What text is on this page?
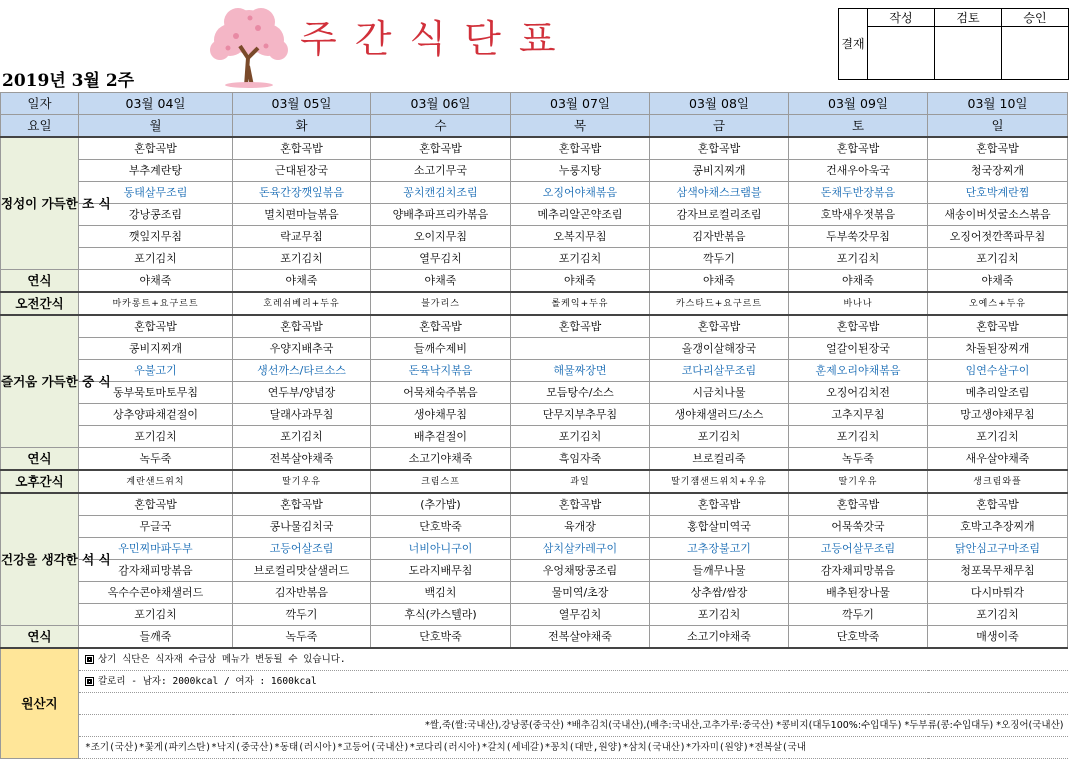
주간식단표
2019년 3월 2주
결재	작성	검토	승인

일자	03월 04일	03월 05일	03월 06일	03월 07일	03월 08일	03월 09일	03월 10일
요일	월	화	수	목	금	토	일
정성이 가득한 조 식	혼합곡밥	혼합곡밥	혼합곡밥	혼합곡밥	혼합곡밥	혼합곡밥	혼합곡밥
	부추계란탕	근대된장국	소고기무국	누룽지탕	콩비지찌개	건새우아욱국	청국장찌개
	동태살무조림	돈육간장깻잎볶음	꽁치캔김치조림	오징어야채볶음	삼색야채스크램블	돈채두반장볶음	단호박계란찜
	강낭콩조림	멸치편마늘볶음	양배추파프리카볶음	메추리알곤약조림	감자브로컬리조림	호박새우젓볶음	새송이버섯굴소스볶음
	깻잎지무침	락교무침	오이지무침	오복지무침	김자반볶음	두부쑥갓무침	오징어젓깐쪽파무침
	포기김치	포기김치	열무김치	포기김치	깍두기	포기김치	포기김치
연식	야채죽	야채죽	야채죽	야채죽	야채죽	야채죽	야채죽
오전간식	마카롱트+요구르트	호레쉬베리+두유	블가리스	롤케익+두유	카스타드+요구르트	바나나	오예스+두유
즐거움 가득한 중 식	혼합곡밥	혼합곡밥	혼합곡밥	혼합곡밥	혼합곡밥	혼합곡밥	혼합곡밥
	콩비지찌개	우양지배추국	들깨수제비		올갱이살해장국	얼갈이된장국	차돌된장찌개
	우불고기	생선까스/타르소스	돈육낙지볶음	해물짜장면	코다리살무조림	훈제오리야채볶음	임연수살구이
	동부묵토마토무침	연두부/양념장	어묵채숙주볶음	모듬탕수/소스	시금치나물	오징어김치전	메추리알조림
	상추양파채겉절이	달래사과무침	생야채무침	단무지부추무침	생야채샐러드/소스	고추지무침	망고생야채무침
	포기김치	포기김치	배추겉절이	포기김치	포기김치	포기김치	포기김치
연식	녹두죽	전복살야채죽	소고기야채죽	흑임자죽	브로컬리죽	녹두죽	새우살야채죽
오후간식	계란샌드위치	딸기우유	크림스프	과일	딸기잼샌드위치+우유	딸기우유	생크림와플
건강을 생각한 석 식	혼합곡밥	혼합곡밥	(추가밥)	혼합곡밥	혼합곡밥	혼합곡밥	혼합곡밥
	무글국	콩나물김치국	단호박죽	육개장	홍합살미역국	어묵쑥갓국	호박고추장찌개
	우민찌마파두부	고등어살조림	너비아니구이	삼치살카레구이	고추장불고기	고등어살무조림	닭안심고구마조림
	감자채피망볶음	브로컬리맛살샐러드	도라지배무침	우엉채땅콩조림	들깨무나물	감자채피망볶음	청포묵무채무침
	옥수수콘야채샐러드	김자반볶음	백김치	물미역/초장	상추쌈/쌈장	배추된장나물	다시마튀각
	포기김치	깍두기	후식(카스텔라)	열무김치	포기김치	깍두기	포기김치
연식	들깨죽	녹두죽	단호박죽	전복살야채죽	소고기야채죽	단호박죽	매생이죽
원산지	상기 식단은 식자재 수급상 메뉴가 변동될 수 있습니다.						
	칼로리 - 남자: 2000kcal / 여자 : 1600kcal						

	*쌀,죽(쌀:국내산),강낭콩(중국산) *배추김치(국내산),(배추:국내산,고추가루:중국산) *콩비지(대두100%:수입대두) *두부류(콩:수입대두) *오징어(국내산)						
	*조기(국산)*꽃게(파키스탄)*낙지(중국산)*동태(러시아)*고등어(국내산)*코다리(러시아)*갈치(세네갈)*꽁치(대만,원양)*삼치(국내산)*가자미(원양)*전복살(국내						
